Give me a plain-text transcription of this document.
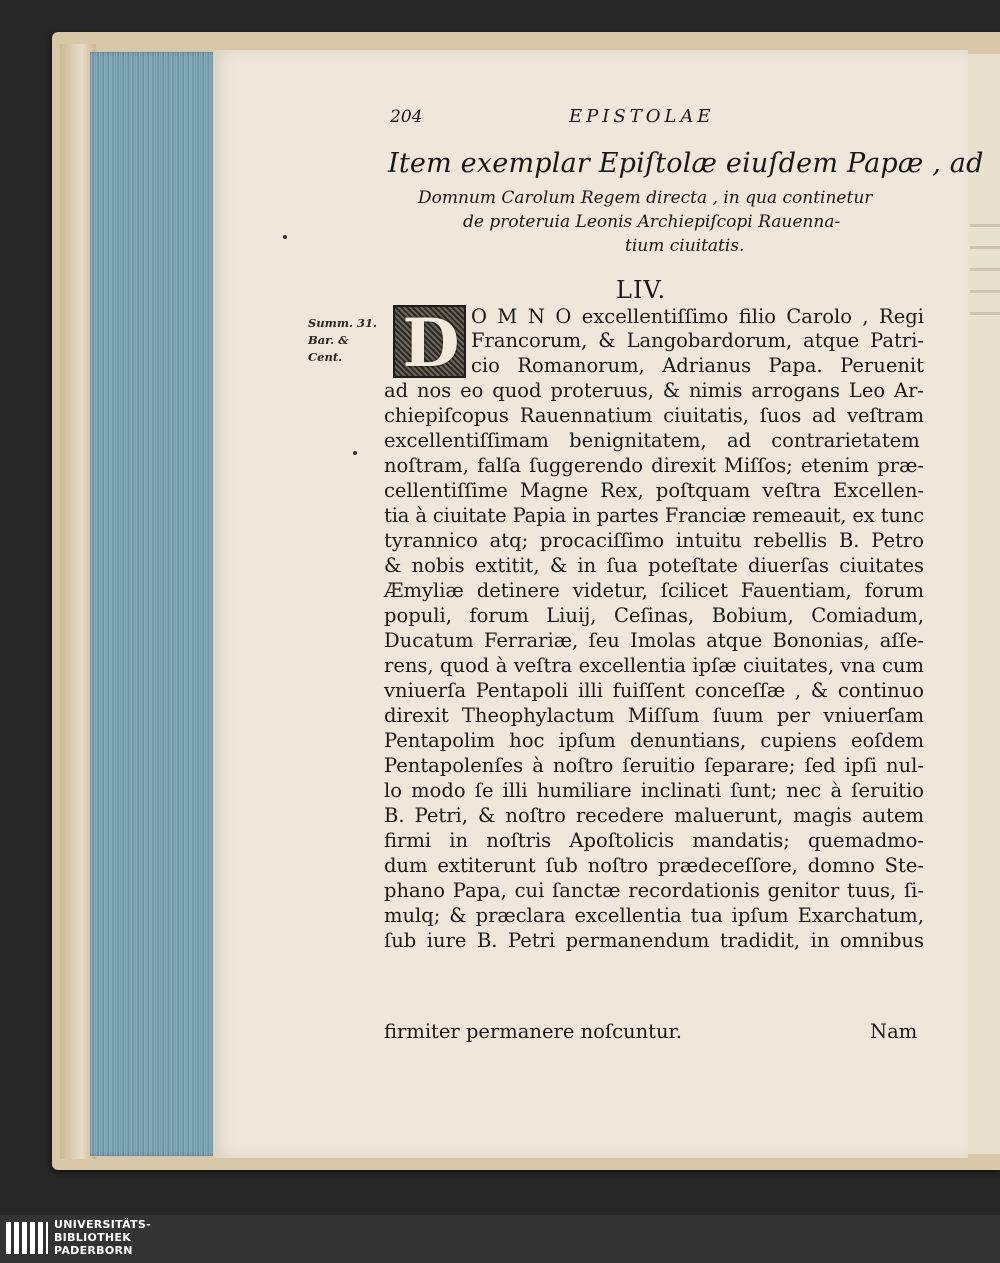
204	EPISTOLAE
Item exemplar Epiſtolæ eiuſdem Papæ , ad
Domnum Carolum Regem directa , in qua continetur
de proteruia Leonis Archiepiſcopi Rauenna-
tium ciuitatis.
LIV.
Summ. 31.
Bar. &
Cent. D O M N O excellentiſſimo filio Carolo , Regi
Francorum, & Langobardorum, atque Patri-
cio Romanorum, Adrianus Papa. Peruenit
ad nos eo quod proteruus, & nimis arrogans Leo Ar-
chiepiſcopus Rauennatium ciuitatis, ſuos ad veſtram
excellentiſſimam benignitatem, ad contrarietatem
noſtram, falſa ſuggerendo direxit Miſſos; etenim præ-
cellentiſſime Magne Rex, poſtquam veſtra Excellen-
tia à ciuitate Papia in partes Franciæ remeauit, ex tunc
tyrannico atq; procaciſſimo intuitu rebellis B. Petro
& nobis extitit, & in ſua poteſtate diuerſas ciuitates
Æmyliæ detinere videtur, ſcilicet Fauentiam, forum
populi, forum Liuij, Ceſinas, Bobium, Comiadum,
Ducatum Ferrariæ, ſeu Imolas atque Bononias, aſſe-
rens, quod à veſtra excellentia ipſæ ciuitates, vna cum
vniuerſa Pentapoli illi fuiſſent conceſſæ , & continuo
direxit Theophylactum Miſſum ſuum per vniuerſam
Pentapolim hoc ipſum denuntians, cupiens eoſdem
Pentapolenſes à noſtro ſeruitio ſeparare; ſed ipſi nul-
lo modo ſe illi humiliare inclinati ſunt; nec à ſeruitio
B. Petri, & noſtro recedere maluerunt, magis autem
firmi in noſtris Apoſtolicis mandatis; quemadmo-
dum extiterunt ſub noſtro prædeceſſore, domno Ste-
phano Papa, cui ſanctæ recordationis genitor tuus, ſi-
mulq; & præclara excellentia tua ipſum Exarchatum,
ſub iure B. Petri permanendum tradidit, in omnibus
firmiter permanere noſcuntur.	Nam
UNIVERSITÄTS-
BIBLIOTHEK
PADERBORN
